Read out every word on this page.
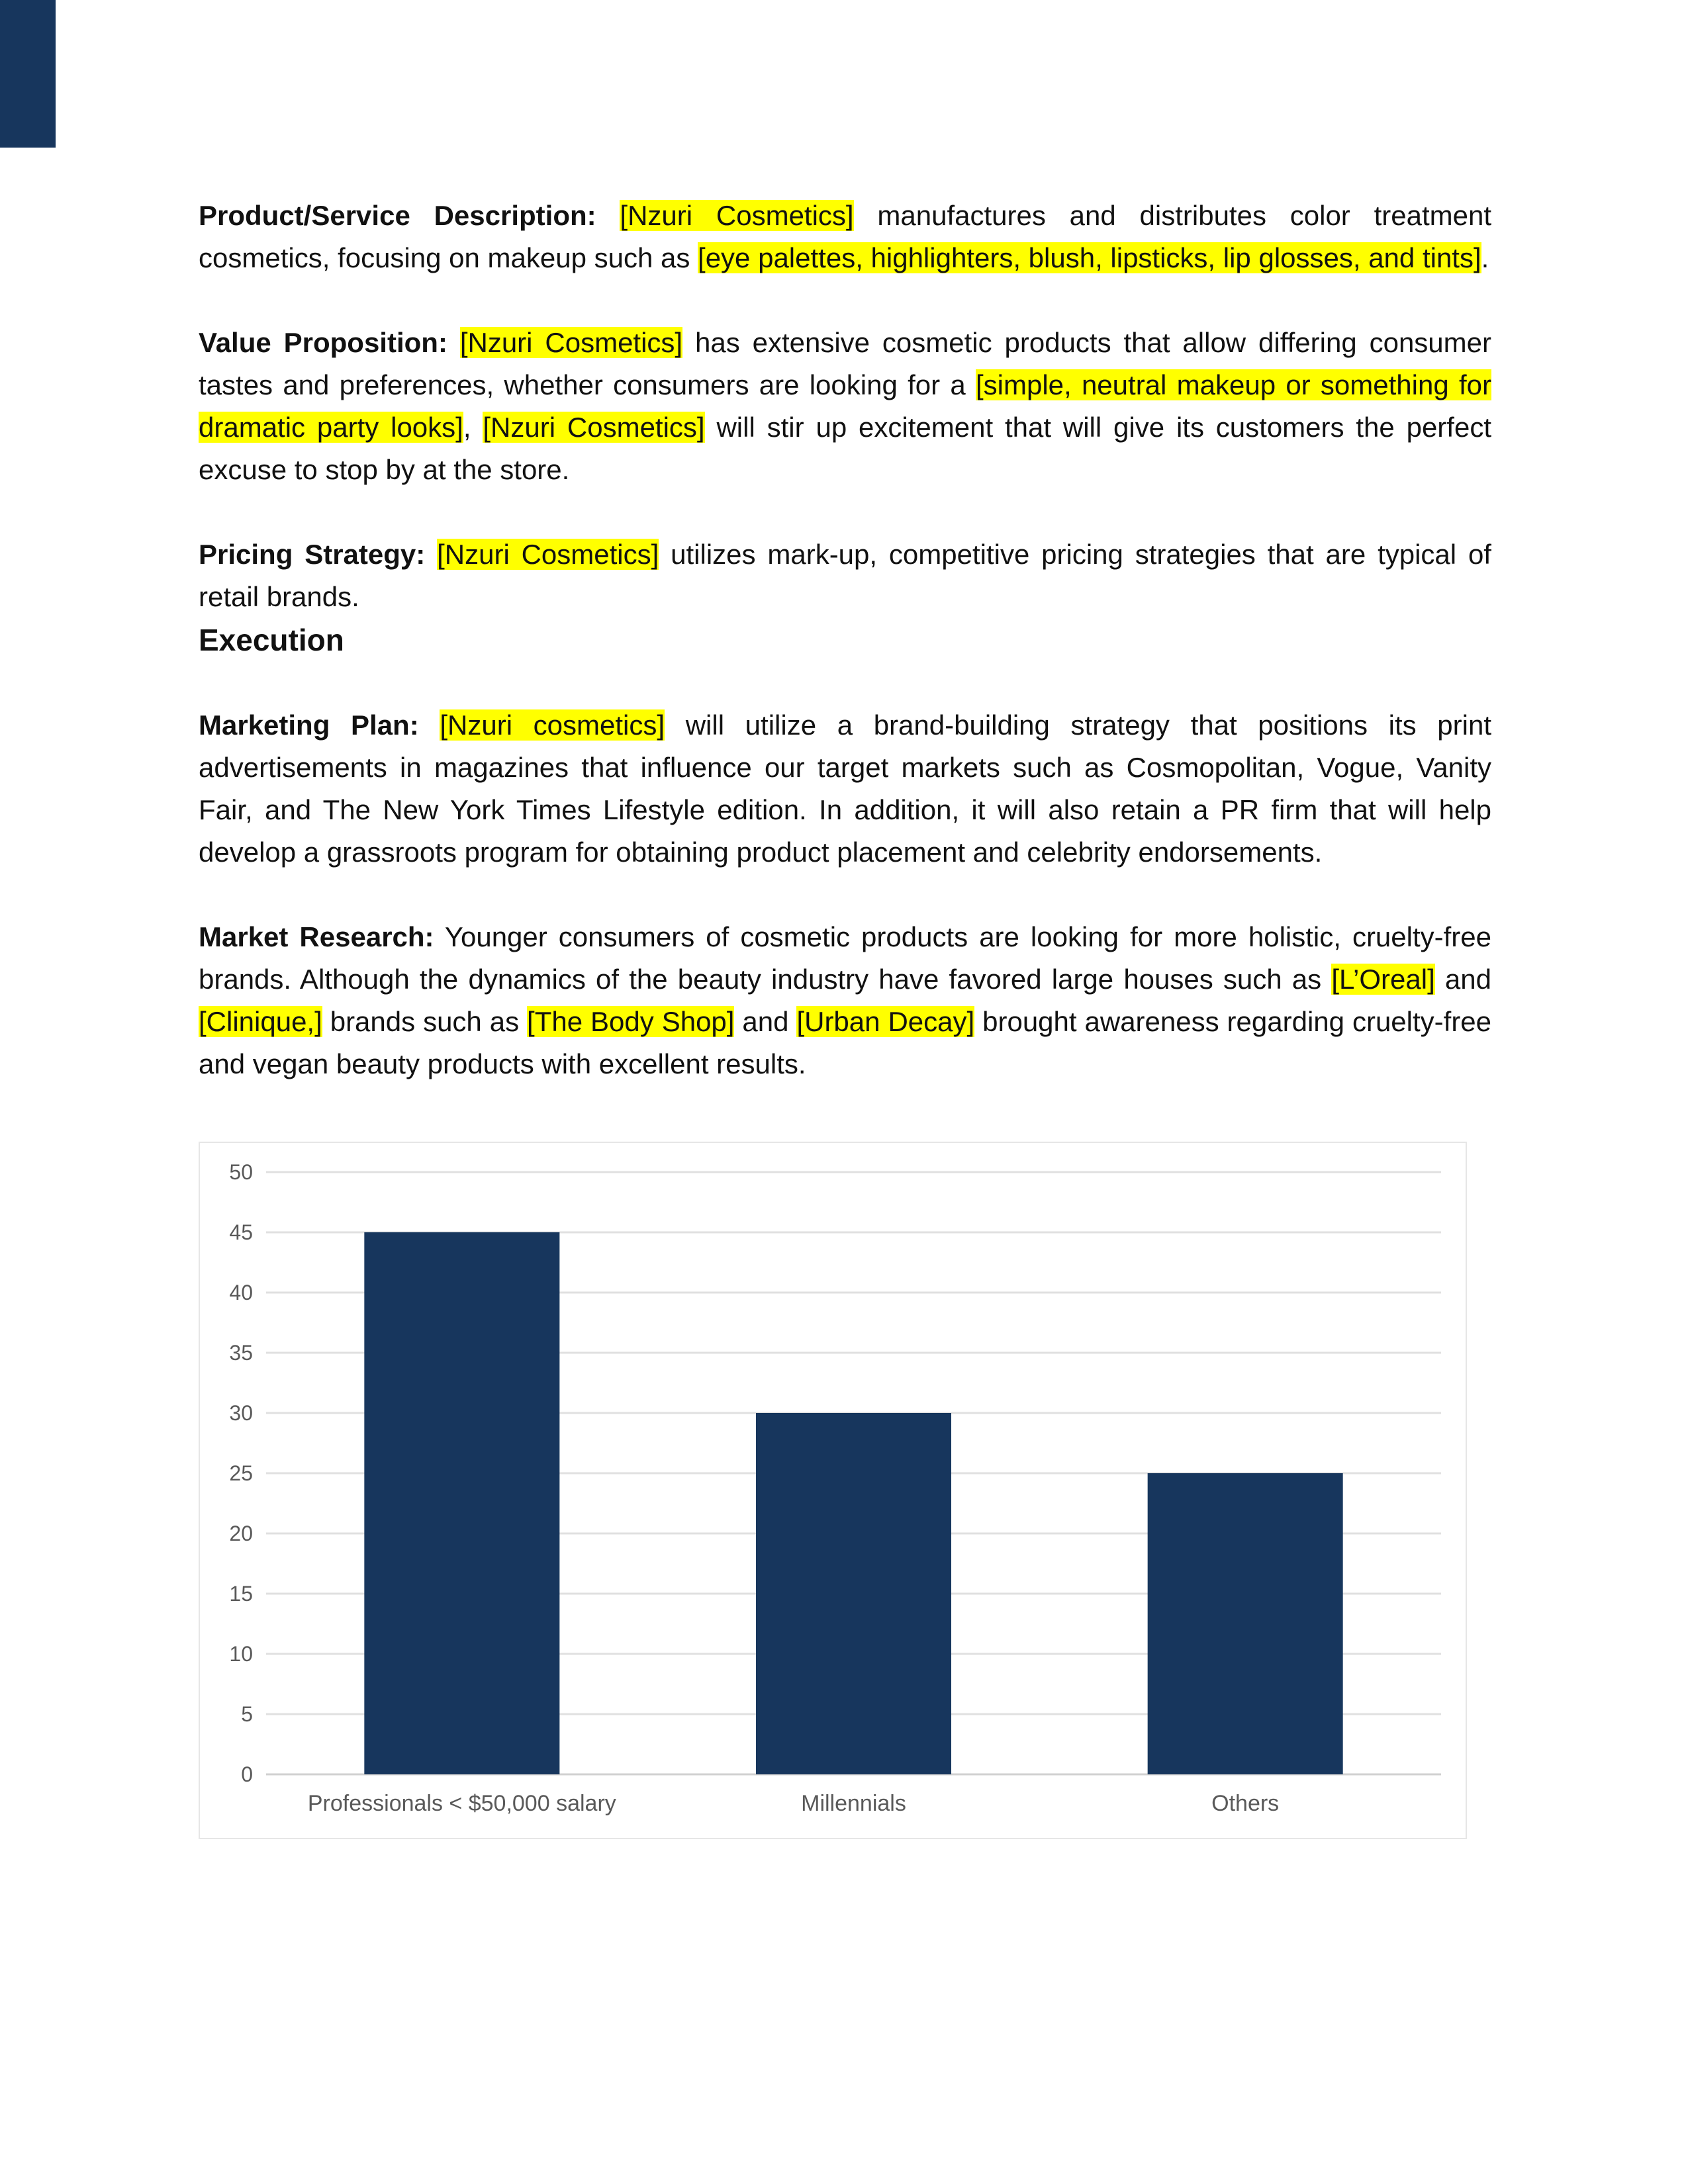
Product/Service Description: [Nzuri Cosmetics] manufactures and distributes color treatment cosmetics, focusing on makeup such as [eye palettes, highlighters, blush, lipsticks, lip glosses, and tints].

Value Proposition: [Nzuri Cosmetics] has extensive cosmetic products that allow differing consumer tastes and preferences, whether consumers are looking for a [simple, neutral makeup or something for dramatic party looks], [Nzuri Cosmetics] will stir up excitement that will give its customers the perfect excuse to stop by at the store.

Pricing Strategy: [Nzuri Cosmetics] utilizes mark-up, competitive pricing strategies that are typical of retail brands.

Execution

Marketing Plan: [Nzuri cosmetics] will utilize a brand-building strategy that positions its print advertisements in magazines that influence our target markets such as Cosmopolitan, Vogue, Vanity Fair, and The New York Times Lifestyle edition. In addition, it will also retain a PR firm that will help develop a grassroots program for obtaining product placement and celebrity endorsements.

Market Research: Younger consumers of cosmetic products are looking for more holistic, cruelty-free brands. Although the dynamics of the beauty industry have favored large houses such as [L’Oreal] and [Clinique,] brands such as [The Body Shop] and [Urban Decay] brought awareness regarding cruelty-free and vegan beauty products with excellent results.

0
5
10
15
20
25
30
35
40
45
50
Professionals < $50,000 salary	Millennials	Others
